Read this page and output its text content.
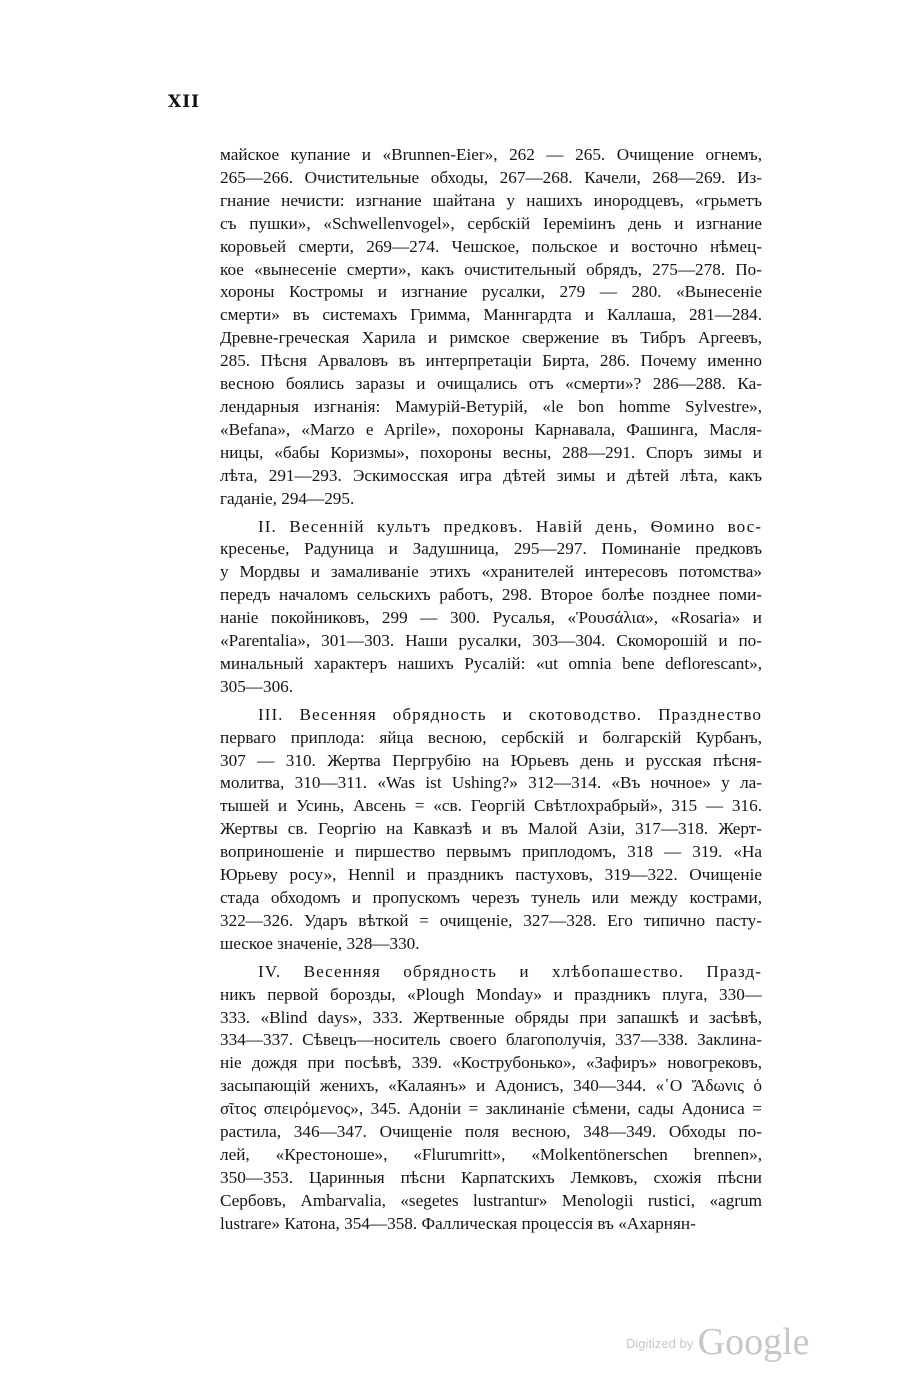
XII
майское купание и «Brunnen-Eier», 262 — 265. Очищение огнемъ,
265—266. Очистительные обходы, 267—268. Качели, 268—269. Из-
гнание нечисти: изгнание шайтана у нашихъ инородцевъ, «грьметъ
съ пушки», «Schwellenvogel», сербскій Іереміинъ день и изгнание
коровьей смерти, 269—274. Чешское, польское и восточно нѣмец-
кое «вынесеніе смерти», какъ очистительный обрядъ, 275—278. По-
хороны Костромы и изгнание русалки, 279 — 280. «Вынесеніе
смерти» въ системахъ Гримма, Маннгардта и Каллаша, 281—284.
Древне-греческая Харила и римское свержение въ Тибръ Аргеевъ,
285. Пѣсня Арваловъ въ интерпретаціи Бирта, 286. Почему именно
весною боялись заразы и очищались отъ «смерти»? 286—288. Ка-
лендарныя изгнанія: Мамурій-Ветурій, «le bon homme Sylvestre»,
«Befana», «Marzo e Aprile», похороны Карнавала, Фашинга, Масля-
ницы, «бабы Коризмы», похороны весны, 288—291. Споръ зимы и
лѣта, 291—293. Эскимосская игра дѣтей зимы и дѣтей лѣта, какъ
гаданіе, 294—295.
II. Весенній культъ предковъ. Навій день, Ѳомино вос-
кресенье, Радуница и Задушница, 295—297. Поминаніе предковъ
у Мордвы и замаливаніе этихъ «хранителей интересовъ потомства»
передъ началомъ сельскихъ работъ, 298. Второе болѣе позднее поми-
наніе покойниковъ, 299 — 300. Русалья, «Ῥουσάλια», «Rosaria» и
«Parentalia», 301—303. Наши русалки, 303—304. Скоморошій и по-
минальный характеръ нашихъ Русалій: «ut omnia bene deflorescant»,
305—306.
III. Весенняя обрядность и скотоводство. Празднество
перваго приплода: яйца весною, сербскій и болгарскій Курбанъ,
307 — 310. Жертва Пергрубію на Юрьевъ день и русская пѣсня-
молитва, 310—311. «Was ist Ushing?» 312—314. «Въ ночное» у ла-
тышей и Усинь, Авсень = «св. Георгій Свѣтлохрабрый», 315 — 316.
Жертвы св. Георгію на Кавказѣ и въ Малой Азіи, 317—318. Жерт-
воприношеніе и пиршество первымъ приплодомъ, 318 — 319. «На
Юрьеву росу», Hennil и праздникъ пастуховъ, 319—322. Очищеніе
стада обходомъ и пропускомъ черезъ тунель или между кострами,
322—326. Ударъ вѣткой = очищеніе, 327—328. Его типично пасту-
шеское значеніе, 328—330.
IV. Весенняя обрядность и хлѣбопашество. Празд-
никъ первой борозды, «Plough Monday» и праздникъ плуга, 330—
333. «Blind days», 333. Жертвенные обряды при запашкѣ и засѣвѣ,
334—337. Сѣвецъ—носитель своего благополучія, 337—338. Заклина-
ніе дождя при посѣвѣ, 339. «Кострубонько», «Зафиръ» новогрековъ,
засыпающій женихъ, «Калаянъ» и Адонисъ, 340—344. «῾Ο Ἄδωνις ὁ
σῖτος σπειρόμενος», 345. Адоніи = заклинаніе сѣмени, сады Адониса =
растила, 346—347. Очищеніе поля весною, 348—349. Обходы по-
лей, «Крестоноше», «Flurumritt», «Molkentönerschen brennen»,
350—353. Царинныя пѣсни Карпатскихъ Лемковъ, схожія пѣсни
Сербовъ, Ambarvalia, «segetes lustrantur» Menologii rustici, «agrum
lustrare» Катона, 354—358. Фаллическая процессія въ «Ахарнян-
$^{Digitized by}$ Google
